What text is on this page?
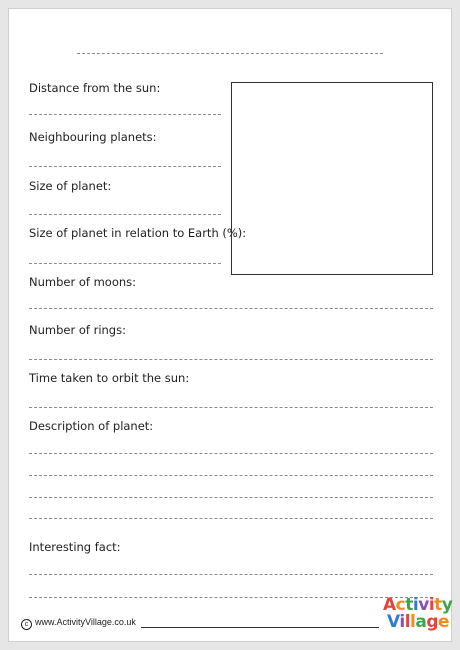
Distance from the sun:
Neighbouring planets:
Size of planet:
Size of planet in relation to Earth (%):
Number of moons:
Number of rings:
Time taken to orbit the sun:
Description of planet:
Interesting fact:
c www.ActivityVillage.co.uk
Activity
Village
